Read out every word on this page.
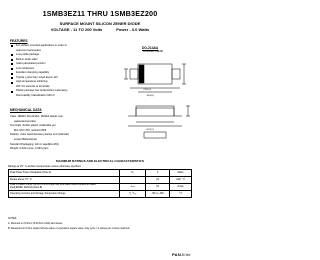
1SMB3EZ11 THRU 1SMB3EZ200
SURFACE MOUNT SILICON ZENER DIODE
VOLTAGE - 11 TO 200 Volts	Power - 3.0 Watts
FEATURES
For surface mounted applications in order to
optimum board space
Low profile package
Built-in strain relief
Glass passivated junction
Low inductance
Excellent clamping capability
Typical I₄ less than 1.0μA above 11V
High temperature soldering:
260 °10 seconds at terminals
Plastic package has Underwriters Laboratory
Flammability Classification 94V-O
MECHANICAL DATA
Case: JEDEC DO-214AA, Molded plastic over
passivated junction
Terminals: Solder plated, solderable per
MIL-STD-750, method 2026
Polarity: Color band denotes positive end (cathode)
except Bidirectional
Standard Packaging: 12mm tape(EIA-481)
Weight: 0.003 ounce, 0.093 gram
DO-214AA
MODIFIED J-BEND
.210(5.3)
.180(4.6)
.087(2.2)
MAXIMUM RATINGS AND ELECTRICAL CHARACTERISTICS
Ratings at 25 ° C ambient temperature unless otherwise specified.
Peak Pulse Power Dissipation (Note A)	P₀	3	Watts
Derate above 75 ° C		24	mW/ ° C

Peak Forward Surge Current 8.3ms single half sine-wave superimposed on rated
load(JEDEC Method) (Note B)	Iₒₛₘ	15	Amps
Operating Junction and Storage Temperature Range	Tⱼ, Tₛₜᵧ	-55 to +150	° C
NOTES:
A. Mounted on 5.0mm² (0.013mm thick) land areas.
B. Measured on 8.3ms single half sine wave or equivalent square wave, duty cycle = 4 pulses per minute maximum.
PANJilite
